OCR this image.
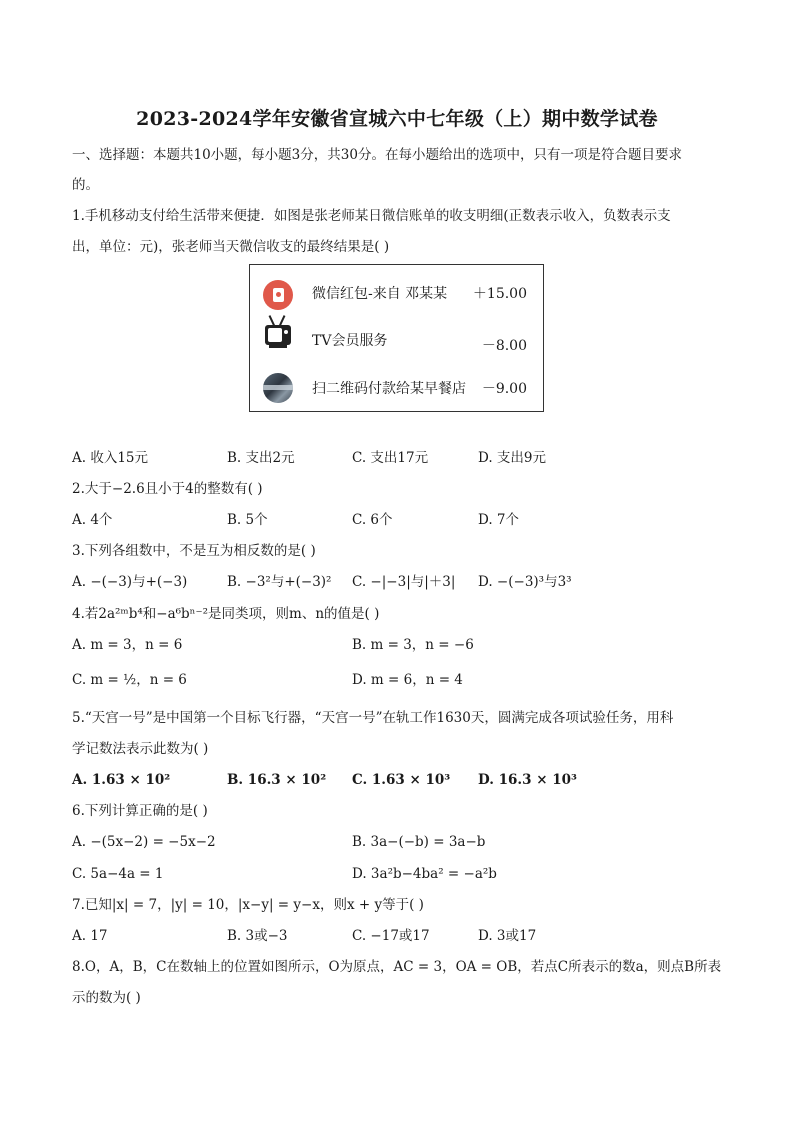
2023-2024学年安徽省宣城六中七年级（上）期中数学试卷
一、选择题：本题共10小题，每小题3分，共30分。在每小题给出的选项中，只有一项是符合题目要求
的。
1.手机移动支付给生活带来便捷．如图是张老师某日微信账单的收支明细(正数表示收入，负数表示支
出，单位：元)，张老师当天微信收支的最终结果是( )
微信红包-来自 邓某某 ＋15.00
TV会员服务	－8.00
扫二维码付款给某早餐店 －9.00
A. 收入15元	B. 支出2元	C. 支出17元	D. 支出9元
2.大于−2.6且小于4的整数有( )
A. 4个	B. 5个	C. 6个	D. 7个
3.下列各组数中，不是互为相反数的是( )
A. −(−3)与+(−3)	B. −3²与+(−3)² C. −|−3|与|＋3| D. −(−3)³与3³
4.若2a²ᵐb⁴和−a⁶bⁿ⁻²是同类项，则m、n的值是( )
A. m = 3，n = 6	B. m = 3，n = −6
C. m = ½，n = 6	D. m = 6，n = 4
5.“天宫一号”是中国第一个目标飞行器，“天宫一号”在轨工作1630天，圆满完成各项试验任务，用科
学记数法表示此数为( )
A. 1.63 × 10²	B. 16.3 × 10² C. 1.63 × 10³ D. 16.3 × 10³
6.下列计算正确的是( )
A. −(5x−2) = −5x−2	B. 3a−(−b) = 3a−b
C. 5a−4a = 1	D. 3a²b−4ba² = −a²b
7.已知|x| = 7，|y| = 10，|x−y| = y−x，则x + y等于( )
A. 17	B. 3或−3	C. −17或17	D. 3或17
8.O，A，B，C在数轴上的位置如图所示，O为原点，AC = 3，OA = OB，若点C所表示的数a，则点B所表
示的数为( )
